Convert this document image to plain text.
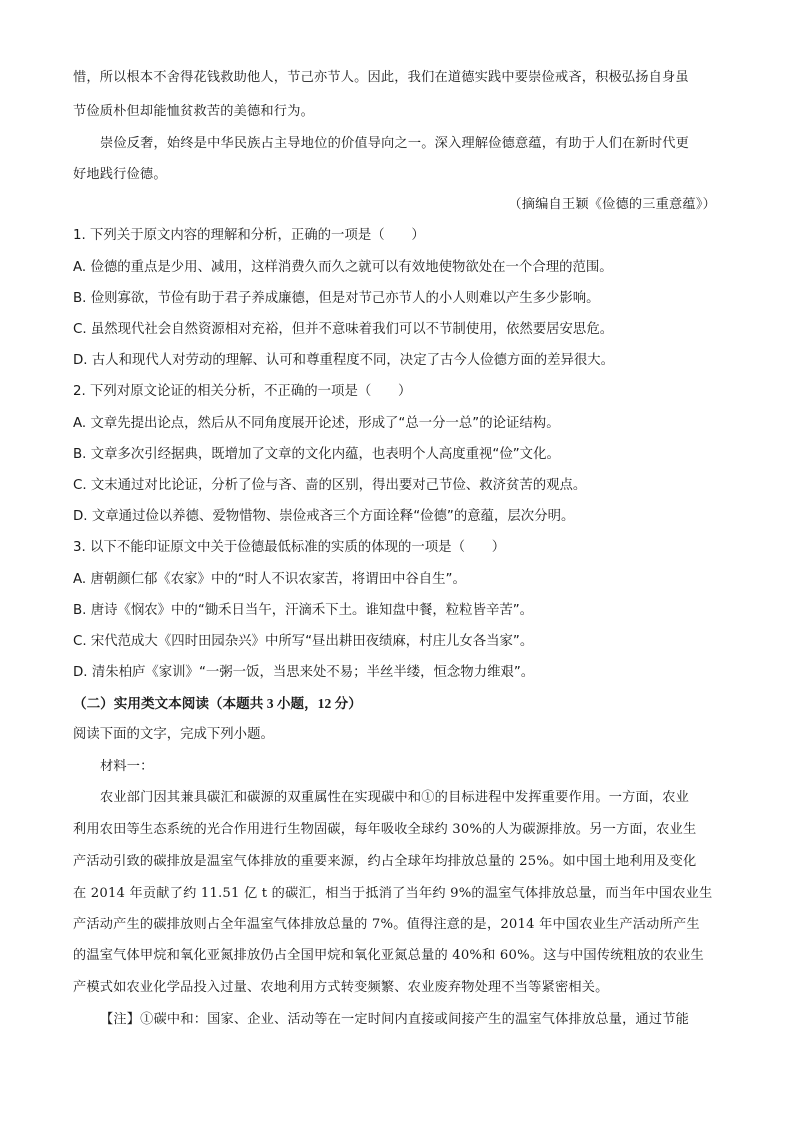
惜，所以根本不舍得花钱救助他人，节己亦节人。因此，我们在道德实践中要崇俭戒吝，积极弘扬自身虽
节俭质朴但却能恤贫救苦的美德和行为。
崇俭反奢，始终是中华民族占主导地位的价值导向之一。深入理解俭德意蕴，有助于人们在新时代更
好地践行俭德。
（摘编自王颖《俭德的三重意蕴》）
1. 下列关于原文内容的理解和分析，正确的一项是（　　）
A. 俭德的重点是少用、减用，这样消费久而久之就可以有效地使物欲处在一个合理的范围。
B. 俭则寡欲，节俭有助于君子养成廉德，但是对节己亦节人的小人则难以产生多少影响。
C. 虽然现代社会自然资源相对充裕，但并不意味着我们可以不节制使用，依然要居安思危。
D. 古人和现代人对劳动的理解、认可和尊重程度不同，决定了古今人俭德方面的差异很大。
2. 下列对原文论证的相关分析，不正确的一项是（　　）
A. 文章先提出论点，然后从不同角度展开论述，形成了“总一分一总”的论证结构。
B. 文章多次引经据典，既增加了文章的文化内蕴，也表明个人高度重视“俭”文化。
C. 文末通过对比论证，分析了俭与吝、啬的区别，得出要对己节俭、救济贫苦的观点。
D. 文章通过俭以养德、爱物惜物、崇俭戒吝三个方面诠释“俭德”的意蕴，层次分明。
3. 以下不能印证原文中关于俭德最低标准的实质的体现的一项是（　　）
A. 唐朝颜仁郁《农家》中的“时人不识农家苦，将谓田中谷自生”。
B. 唐诗《悯农》中的“锄禾日当午，汗滴禾下土。谁知盘中餐，粒粒皆辛苦”。
C. 宋代范成大《四时田园杂兴》中所写“昼出耕田夜绩麻，村庄儿女各当家”。
D. 清朱柏庐《家训》“一粥一饭，当思来处不易；半丝半缕，恒念物力维艰”。
（二）实用类文本阅读（本题共 3 小题，12 分）
阅读下面的文字，完成下列小题。
材料一：
农业部门因其兼具碳汇和碳源的双重属性在实现碳中和①的目标进程中发挥重要作用。一方面，农业
利用农田等生态系统的光合作用进行生物固碳，每年吸收全球约 30%的人为碳源排放。另一方面，农业生
产活动引致的碳排放是温室气体排放的重要来源，约占全球年均排放总量的 25%。如中国土地利用及变化
在 2014 年贡献了约 11.51 亿 t 的碳汇，相当于抵消了当年约 9%的温室气体排放总量，而当年中国农业生
产活动产生的碳排放则占全年温室气体排放总量的 7%。值得注意的是，2014 年中国农业生产活动所产生
的温室气体甲烷和氧化亚氮排放仍占全国甲烷和氧化亚氮总量的 40%和 60%。这与中国传统粗放的农业生
产模式如农业化学品投入过量、农地利用方式转变频繁、农业废弃物处理不当等紧密相关。
【注】①碳中和：国家、企业、活动等在一定时间内直接或间接产生的温室气体排放总量，通过节能
